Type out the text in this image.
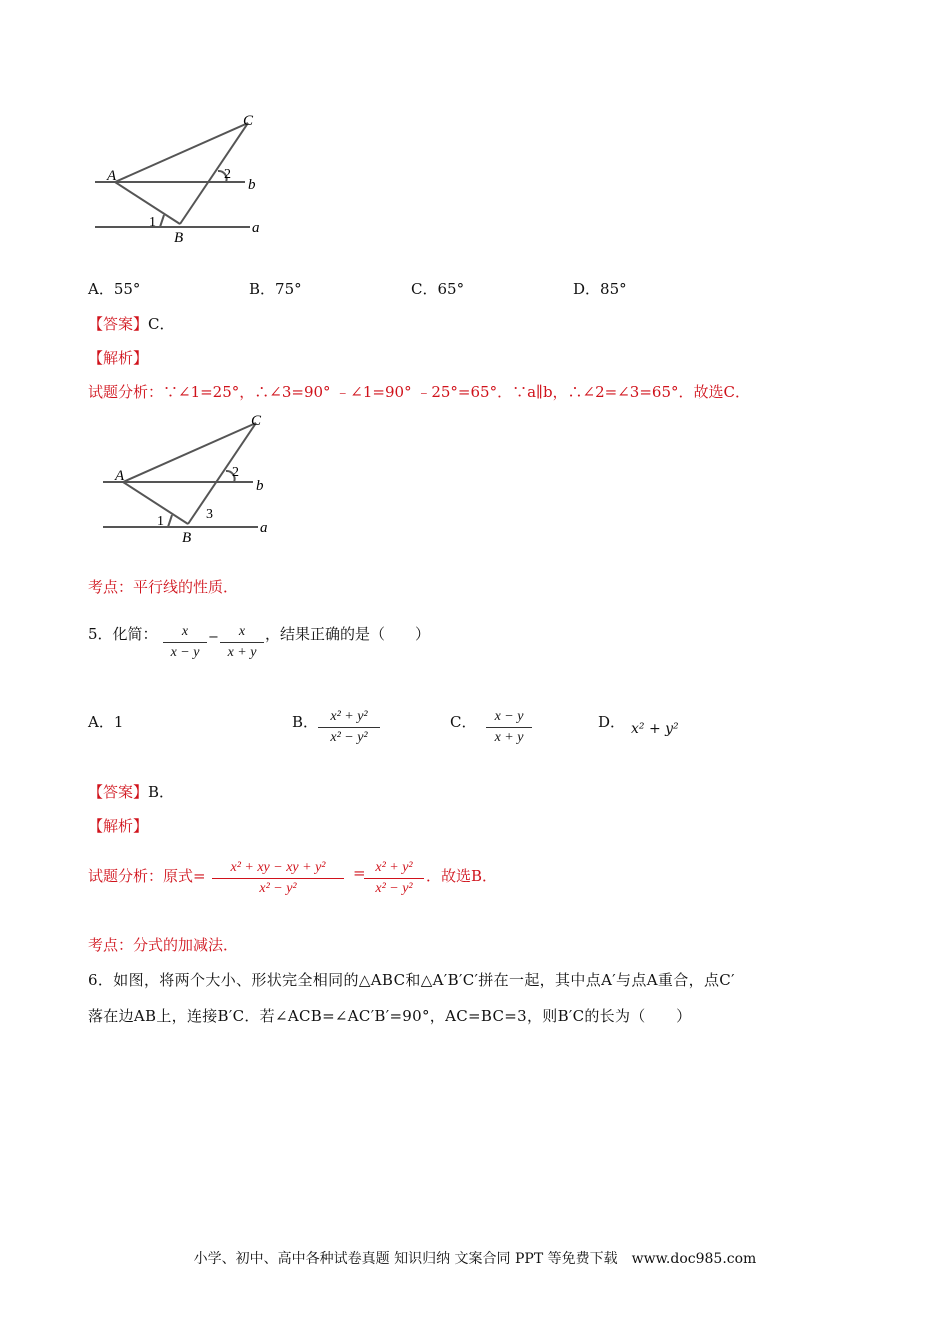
C
A	2
b
1
B
a
A．55°	B．75°	C．65°	D．85°
【答案】C．
【解析】
试题分析：∵∠1=25°，∴∠3=90° ﹣∠1=90° ﹣25°=65°．∵a∥b，∴∠2=∠3=65°．故选C．
C
A	2
b
1	3
B
a
考点：平行线的性质．
5．化简：	x
x − y
−	x
x + y
，结果正确的是（　　）
A．1	B． x² + y²
x² − y²
C．	x − y
x + y
D． x² + y²
【答案】B．
【解析】
试题分析：原式=	x² + xy − xy + y²
x² − y²
= x² + y²
x² − y²
．故选B．
考点：分式的加减法．
6．如图，将两个大小、形状完全相同的△ABC和△A′B′C′拼在一起，其中点A′与点A重合，点C′
落在边AB上，连接B′C．若∠ACB=∠AC′B′=90°，AC=BC=3，则B′C的长为（　　）
小学、初中、高中各种试卷真题 知识归纳 文案合同 PPT 等免费下载　www.doc985.com
